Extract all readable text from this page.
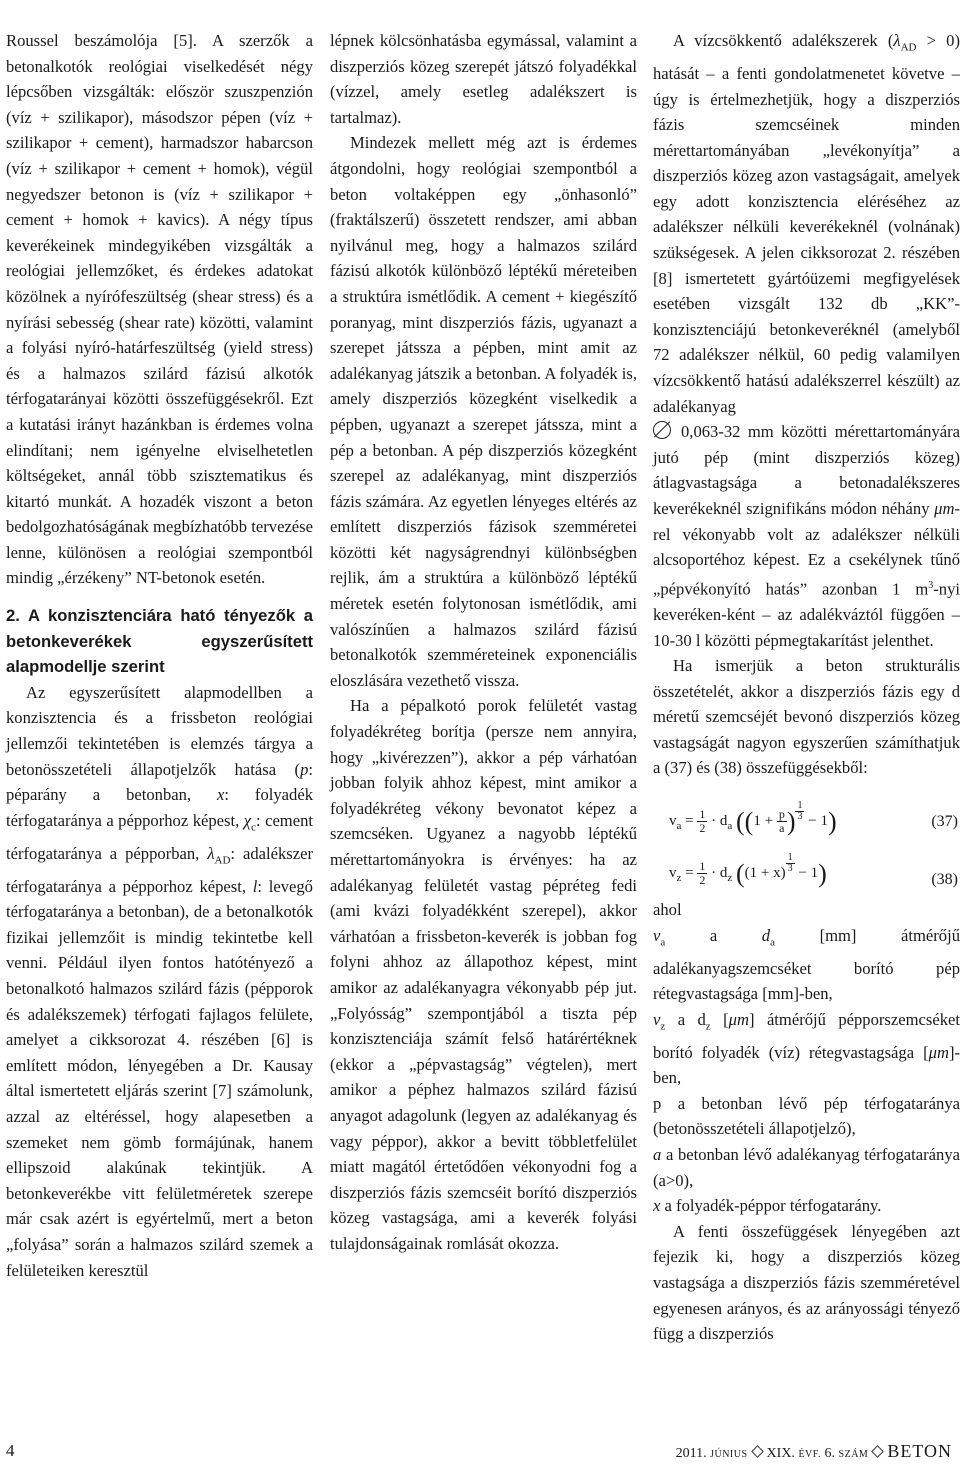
Roussel beszámolója [5]. A szerzők a betonalkotók reológiai viselkedését négy lépcsőben vizsgálták: először szuszpenzión (víz + szilikapor), másodszor pépen (víz + szilikapor + cement), harmadszor habarcson (víz + szilikapor + cement + homok), végül negyedszer betonon is (víz + szilikapor + cement + homok + kavics). A négy típus keverékeinek mindegyikében vizsgálták a reológiai jellemzőket, és érdekes adatokat közölnek a nyírófeszültség (shear stress) és a nyírási sebesség (shear rate) közötti, valamint a folyási nyíró-határfeszültség (yield stress) és a halmazos szilárd fázisú alkotók térfogatarányai közötti összefüggésekről. Ezt a kutatási irányt hazánkban is érdemes volna elindítani; nem igényelne elviselhetetlen költségeket, annál több szisztematikus és kitartó munkát. A hozadék viszont a beton bedolgozhatóságának megbízhatóbb tervezése lenne, különösen a reológiai szempontból mindig „érzékeny” NT-betonok esetén.

2. A konzisztenciára ható tényezők a betonkeverékek egyszerűsített alapmodellje szerint

Az egyszerűsített alapmodellben a konzisztencia és a frissbeton reológiai jellemzői tekintetében is elemzés tárgya a betonösszetételi állapotjelzők hatása (p: péparány a betonban, x: folyadék térfogataránya a pépporhoz képest, $\chi_c$: cement térfogataránya a pépporban, $\lambda_{AD}$: adalékszer térfogataránya a pépporhoz képest, l: levegő térfogataránya a betonban), de a betonalkotók fizikai jellemzőit is mindig tekintetbe kell venni. Például ilyen fontos hatótényező a betonalkotó halmazos szilárd fázis (pépporok és adalékszemek) térfogati fajlagos felülete, amelyet a cikksorozat 4. részében [6] is említett módon, lényegében a Dr. Kausay által ismertetett eljárás szerint [7] számolunk, azzal az eltéréssel, hogy alapesetben a szemeket nem gömb formájúnak, hanem ellipszoid alakúnak tekintjük. A betonkeverékbe vitt felületméretek szerepe már csak azért is egyértelmű, mert a beton „folyása” során a halmazos szilárd szemek a felületeiken keresztül

lépnek kölcsönhatásba egymással, valamint a diszperziós közeg szerepét játszó folyadékkal (vízzel, amely esetleg adalékszert is tartalmaz).

Mindezek mellett még azt is érdemes átgondolni, hogy reológiai szempontból a beton voltaképpen egy „önhasonló” (fraktálszerű) összetett rendszer, ami abban nyilvánul meg, hogy a halmazos szilárd fázisú alkotók különböző léptékű méreteiben a struktúra ismétlődik. A cement + kiegészítő poranyag, mint diszperziós fázis, ugyanazt a szerepet játssza a pépben, mint amit az adalékanyag játszik a betonban. A folyadék is, amely diszperziós közegként viselkedik a pépben, ugyanazt a szerepet játssza, mint a pép a betonban. A pép diszperziós közegként szerepel az adalékanyag, mint diszperziós fázis számára. Az egyetlen lényeges eltérés az említett diszperziós fázisok szemméretei közötti két nagyságrendnyi különbségben rejlik, ám a struktúra a különböző léptékű méretek esetén folytonosan ismétlődik, ami valószínűen a halmazos szilárd fázisú betonalkotók szemméreteinek exponenciális eloszlására vezethető vissza.

Ha a pépalkotó porok felületét vastag folyadékréteg borítja (persze nem annyira, hogy „kivérezzen”), akkor a pép várhatóan jobban folyik ahhoz képest, mint amikor a folyadékréteg vékony bevonatot képez a szemcséken. Ugyanez a nagyobb léptékű mérettartományokra is érvényes: ha az adalékanyag felületét vastag pépréteg fedi (ami kvázi folyadékként szerepel), akkor várhatóan a frissbeton-keverék is jobban fog folyni ahhoz az állapothoz képest, mint amikor az adalékanyagra vékonyabb pép jut. „Folyósság” szempontjából a tiszta pép konzisztenciája számít felső határértéknek (ekkor a „pépvastagság” végtelen), mert amikor a péphez halmazos szilárd fázisú anyagot adagolunk (legyen az adalékanyag és vagy péppor), akkor a bevitt többletfelület miatt magától értetődően vékonyodni fog a diszperziós fázis szemcséit borító diszperziós közeg vastagsága, ami a keverék folyási tulajdonságainak romlását okozza.

A vízcsökkentő adalékszerek $(\lambda_{AD} > 0)$ hatását – a fenti gondolatmenetet követve – úgy is értelmezhetjük, hogy a diszperziós fázis szemcséinek minden mérettartományában „levékonyítja” a diszperziós közeg azon vastagságait, amelyek egy adott konzisztencia eléréséhez az adalékszer nélküli keverékeknél (volnának) szükségesek. A jelen cikksorozat 2. részében [8] ismertetett gyártóüzemi megfigyelések esetében vizsgált 132 db „KK”-konzisztenciájú betonkeveréknél (amelyből 72 adalékszer nélkül, 60 pedig valamilyen vízcsökkentő hatású adalékszerrel készült) az adalékanyag
0,063-32 mm közötti mérettartományára jutó pép (mint diszperziós közeg) átlagvastagsága a betonadalékszeres keverékeknél szignifikáns módon néhány μm-rel vékonyabb volt az adalékszer nélküli alcsoportéhoz képest. Ez a csekélynek tűnő „pépvékonyító hatás” azonban 1 $m^3$-nyi keveréken-ként – az adalékváztól függően – 10-30 l közötti pépmegtakarítást jelenthet.

Ha ismerjük a beton strukturális összetételét, akkor a diszperziós fázis egy d méretű szemcséjét bevonó diszperziós közeg vastagságát nagyon egyszerűen számíthatjuk a (37) és (38) összefüggésekből:

$v_a = \frac{1}{2} \cdot d_a$ (($1 + \frac{p}{a}$ ) $\frac{1}{3} - 1$)	(37)
$v_z = \frac{1}{2} \cdot d_z$ $((1 + x) \frac{1}{3} - 1)$	(38)

ahol

$v_a$ a $d_a$ [mm] átmérőjű adalékanyagszemcséket borító pép rétegvastagsága [mm]-ben,

$v_z$ a $d_z$ [μm] átmérőjű pépporszemcséket borító folyadék (víz) rétegvastagsága [μm]-ben,

p a betonban lévő pép térfogataránya (betonösszetételi állapotjelző),

a a betonban lévő adalékanyag térfogataránya (a>0),

x a folyadék-péppor térfogatarány.

A fenti összefüggések lényegében azt fejezik ki, hogy a diszperziós közeg vastagsága a diszperziós fázis szemméretével egyenesen arányos, és az arányossági tényező függ a diszperziós

4	2011. JÚNIUS XIX. ÉVF. 6. SZÁM BETON
